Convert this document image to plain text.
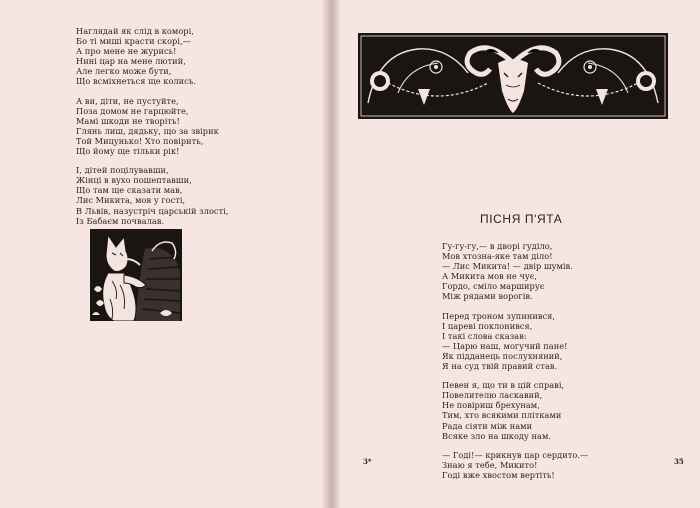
Наглядай як слід в коморі,
Бо ті миші красти скорі,—
А про мене не журись!
Нині цар на мене лютий,
Але легко може бути,
Що всміхнеться ще колись.
А ви, діти, не пустуйте,
Поза домом не гарцюйте,
Мамі шкоди не творіть!
Глянь лиш, дядьку, що за звірик
Той Мицунько! Хто повірить,
Що йому ще тільки рік!
І, дітей поцілувавши,
Жінці в вухо пошептавши,
Що там ще сказати мав,
Лис Микита, мов у гості,
В Львів, назустріч царській злості,
Із Бабаєм почвалав.	ПІСНЯ П'ЯТА
Гу-гу-гу,— в дворі гуділо,
Мов хтозна-яке там діло!
— Лис Микита! — двір шумів.
А Микита мов не чує,
Гордо, сміло марширує
Між рядами ворогів.
Перед троном зупинився,
І цареві поклонився,
І такі слова сказав:
— Царю наш, могучий пане!
Як підданець послухняний,
Я на суд твій правий став.
Певен я, що ти в цій справі,
Повелителю ласкавий,
Не повіриш брехунам,
Тим, хто всякими плітками
Рада сіяти між нами
Всяке зло на шкоду нам.
— Годі!— крикнув цар сердито.—
Знаю я тебе, Микито!
Годі вже хвостом вертіть!
3*	35
